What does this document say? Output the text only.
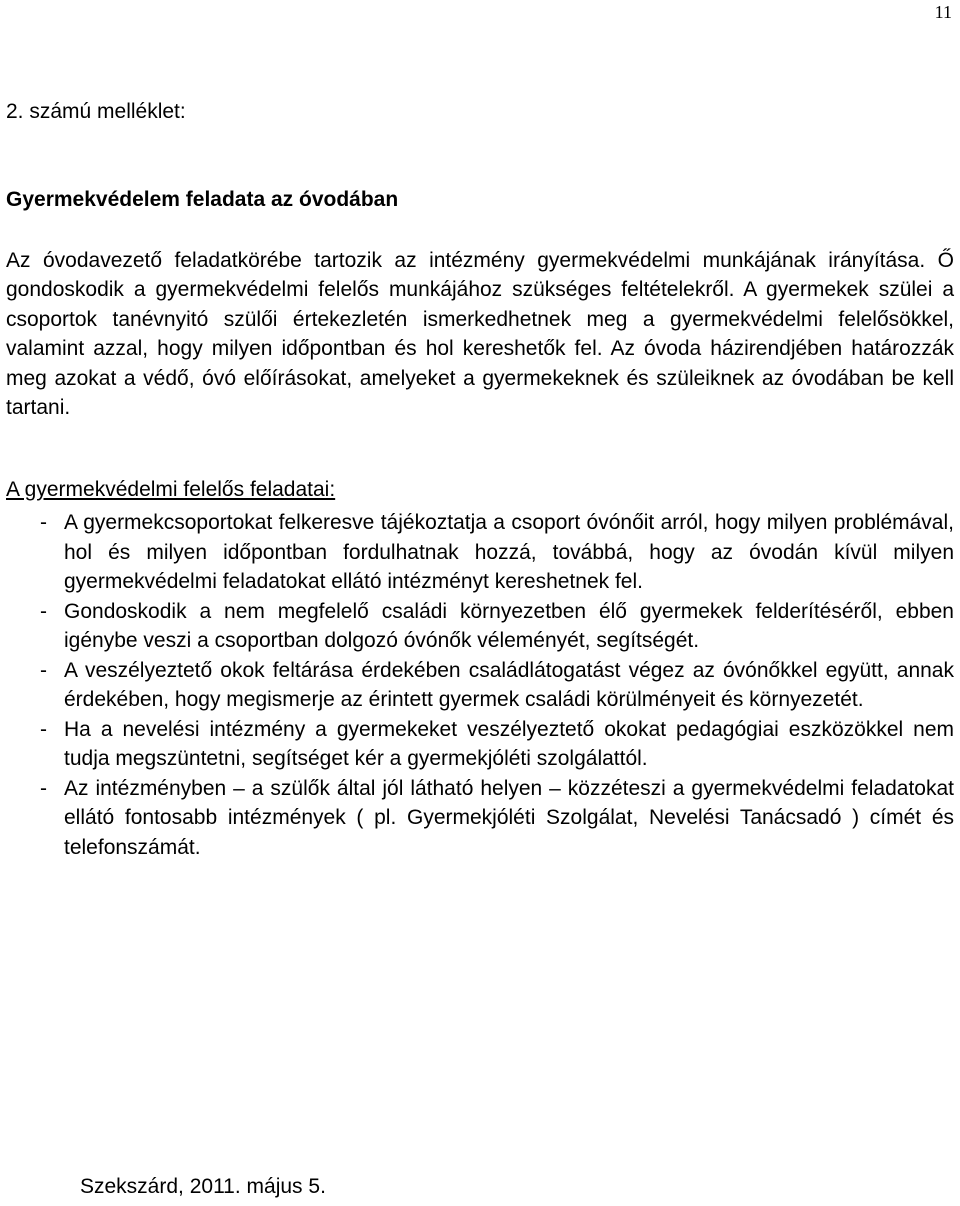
11
2. számú melléklet:
Gyermekvédelem feladata az óvodában

Az óvodavezető feladatkörébe tartozik az intézmény gyermekvédelmi munkájának irányítása. Ő gondoskodik a gyermekvédelmi felelős munkájához szükséges feltételekről. A gyermekek szülei a csoportok tanévnyitó szülői értekezletén ismerkedhetnek meg a gyermekvédelmi felelősökkel, valamint azzal, hogy milyen időpontban és hol kereshetők fel. Az óvoda házirendjében határozzák meg azokat a védő, óvó előírásokat, amelyeket a gyermekeknek és szüleiknek az óvodában be kell tartani.

A gyermekvédelmi felelős feladatai:
- A gyermekcsoportokat felkeresve tájékoztatja a csoport óvónőit arról, hogy milyen problémával, hol és milyen időpontban fordulhatnak hozzá, továbbá, hogy az óvodán kívül milyen gyermekvédelmi feladatokat ellátó intézményt kereshetnek fel.
- Gondoskodik a nem megfelelő családi környezetben élő gyermekek felderítéséről, ebben igénybe veszi a csoportban dolgozó óvónők véleményét, segítségét.
- A veszélyeztető okok feltárása érdekében családlátogatást végez az óvónőkkel együtt, annak érdekében, hogy megismerje az érintett gyermek családi körülményeit és környezetét.
- Ha a nevelési intézmény a gyermekeket veszélyeztető okokat pedagógiai eszközökkel nem tudja megszüntetni, segítséget kér a gyermekjóléti szolgálattól.
- Az intézményben – a szülők által jól látható helyen – közzéteszi a gyermekvédelmi feladatokat ellátó fontosabb intézmények ( pl. Gyermekjóléti Szolgálat, Nevelési Tanácsadó ) címét és telefonszámát.
Szekszárd, 2011. május 5.
